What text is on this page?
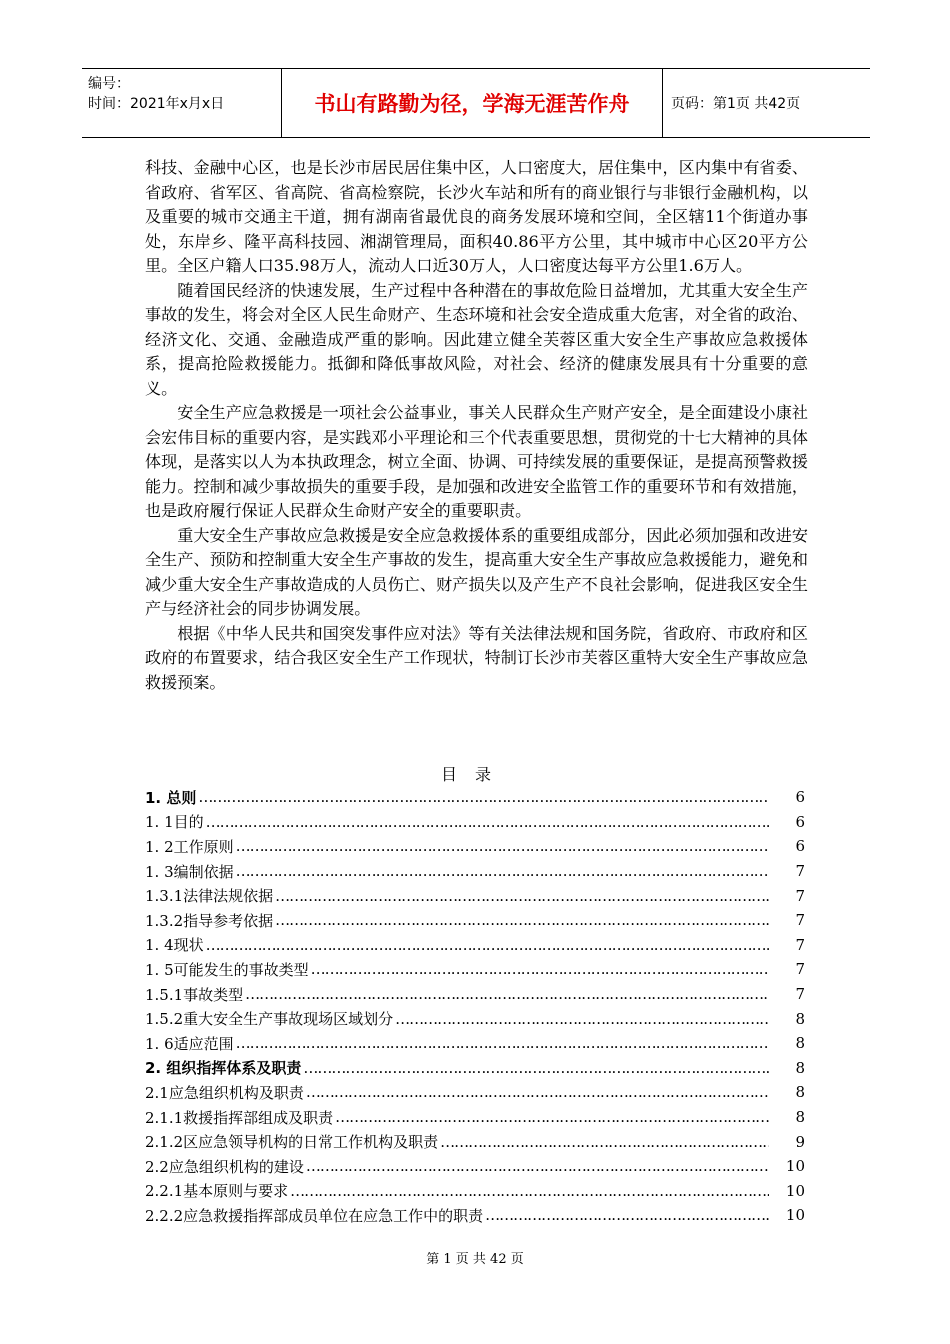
编号：
时间：2021年x月x日	书山有路勤为径，学海无涯苦作舟	页码：第1页 共42页

科技、金融中心区，也是长沙市居民居住集中区，人口密度大，居住集中，区内集中有省委、省政府、省军区、省高院、省高检察院，长沙火车站和所有的商业银行与非银行金融机构，以及重要的城市交通主干道，拥有湖南省最优良的商务发展环境和空间，全区辖11个街道办事处，东岸乡、隆平高科技园、湘湖管理局，面积40.86平方公里，其中城市中心区20平方公里。全区户籍人口35.98万人，流动人口近30万人，人口密度达每平方公里1.6万人。

随着国民经济的快速发展，生产过程中各种潜在的事故危险日益增加，尤其重大安全生产事故的发生，将会对全区人民生命财产、生态环境和社会安全造成重大危害，对全省的政治、经济文化、交通、金融造成严重的影响。因此建立健全芙蓉区重大安全生产事故应急救援体系，提高抢险救援能力。抵御和降低事故风险，对社会、经济的健康发展具有十分重要的意义。

安全生产应急救援是一项社会公益事业，事关人民群众生产财产安全，是全面建设小康社会宏伟目标的重要内容，是实践邓小平理论和三个代表重要思想，贯彻党的十七大精神的具体体现，是落实以人为本执政理念，树立全面、协调、可持续发展的重要保证，是提高预警救援能力。控制和减少事故损失的重要手段，是加强和改进安全监管工作的重要环节和有效措施，也是政府履行保证人民群众生命财产安全的重要职责。

重大安全生产事故应急救援是安全应急救援体系的重要组成部分，因此必须加强和改进安全生产、预防和控制重大安全生产事故的发生，提高重大安全生产事故应急救援能力，避免和减少重大安全生产事故造成的人员伤亡、财产损失以及产生产不良社会影响，促进我区安全生产与经济社会的同步协调发展。

根据《中华人民共和国突发事件应对法》等有关法律法规和国务院，省政府、市政府和区政府的布置要求，结合我区安全生产工作现状，特制订长沙市芙蓉区重特大安全生产事故应急救援预案。

目录
1. 总则 …………………………………………………………………………………………………………………………………………	6
1. 1目的 …………………………………………………………………………………………………………………………………………	6
1. 2工作原则 …………………………………………………………………………………………………………………………………………	6
1. 3编制依据 …………………………………………………………………………………………………………………………………………	7
1.3.1法律法规依据 …………………………………………………………………………………………………………………………………………	7
1.3.2指导参考依据 …………………………………………………………………………………………………………………………………………	7
1. 4现状 …………………………………………………………………………………………………………………………………………	7
1. 5可能发生的事故类型 …………………………………………………………………………………………………………………………………………	7
1.5.1事故类型 …………………………………………………………………………………………………………………………………………	7
1.5.2重大安全生产事故现场区域划分 …………………………………………………………………………………………………………………………………………	8
1. 6适应范围 …………………………………………………………………………………………………………………………………………	8
2. 组织指挥体系及职责 …………………………………………………………………………………………………………………………………………	8
2.1应急组织机构及职责 …………………………………………………………………………………………………………………………………………	8
2.1.1救援指挥部组成及职责 …………………………………………………………………………………………………………………………………………	8
2.1.2区应急领导机构的日常工作机构及职责 …………………………………………………………………………………………………………………………………………	9
2.2应急组织机构的建设 …………………………………………………………………………………………………………………………………………	10
2.2.1基本原则与要求 …………………………………………………………………………………………………………………………………………	10
2.2.2应急救援指挥部成员单位在应急工作中的职责 …………………………………………………………………………………………………………………………………………	10
第 1 页 共 42 页
